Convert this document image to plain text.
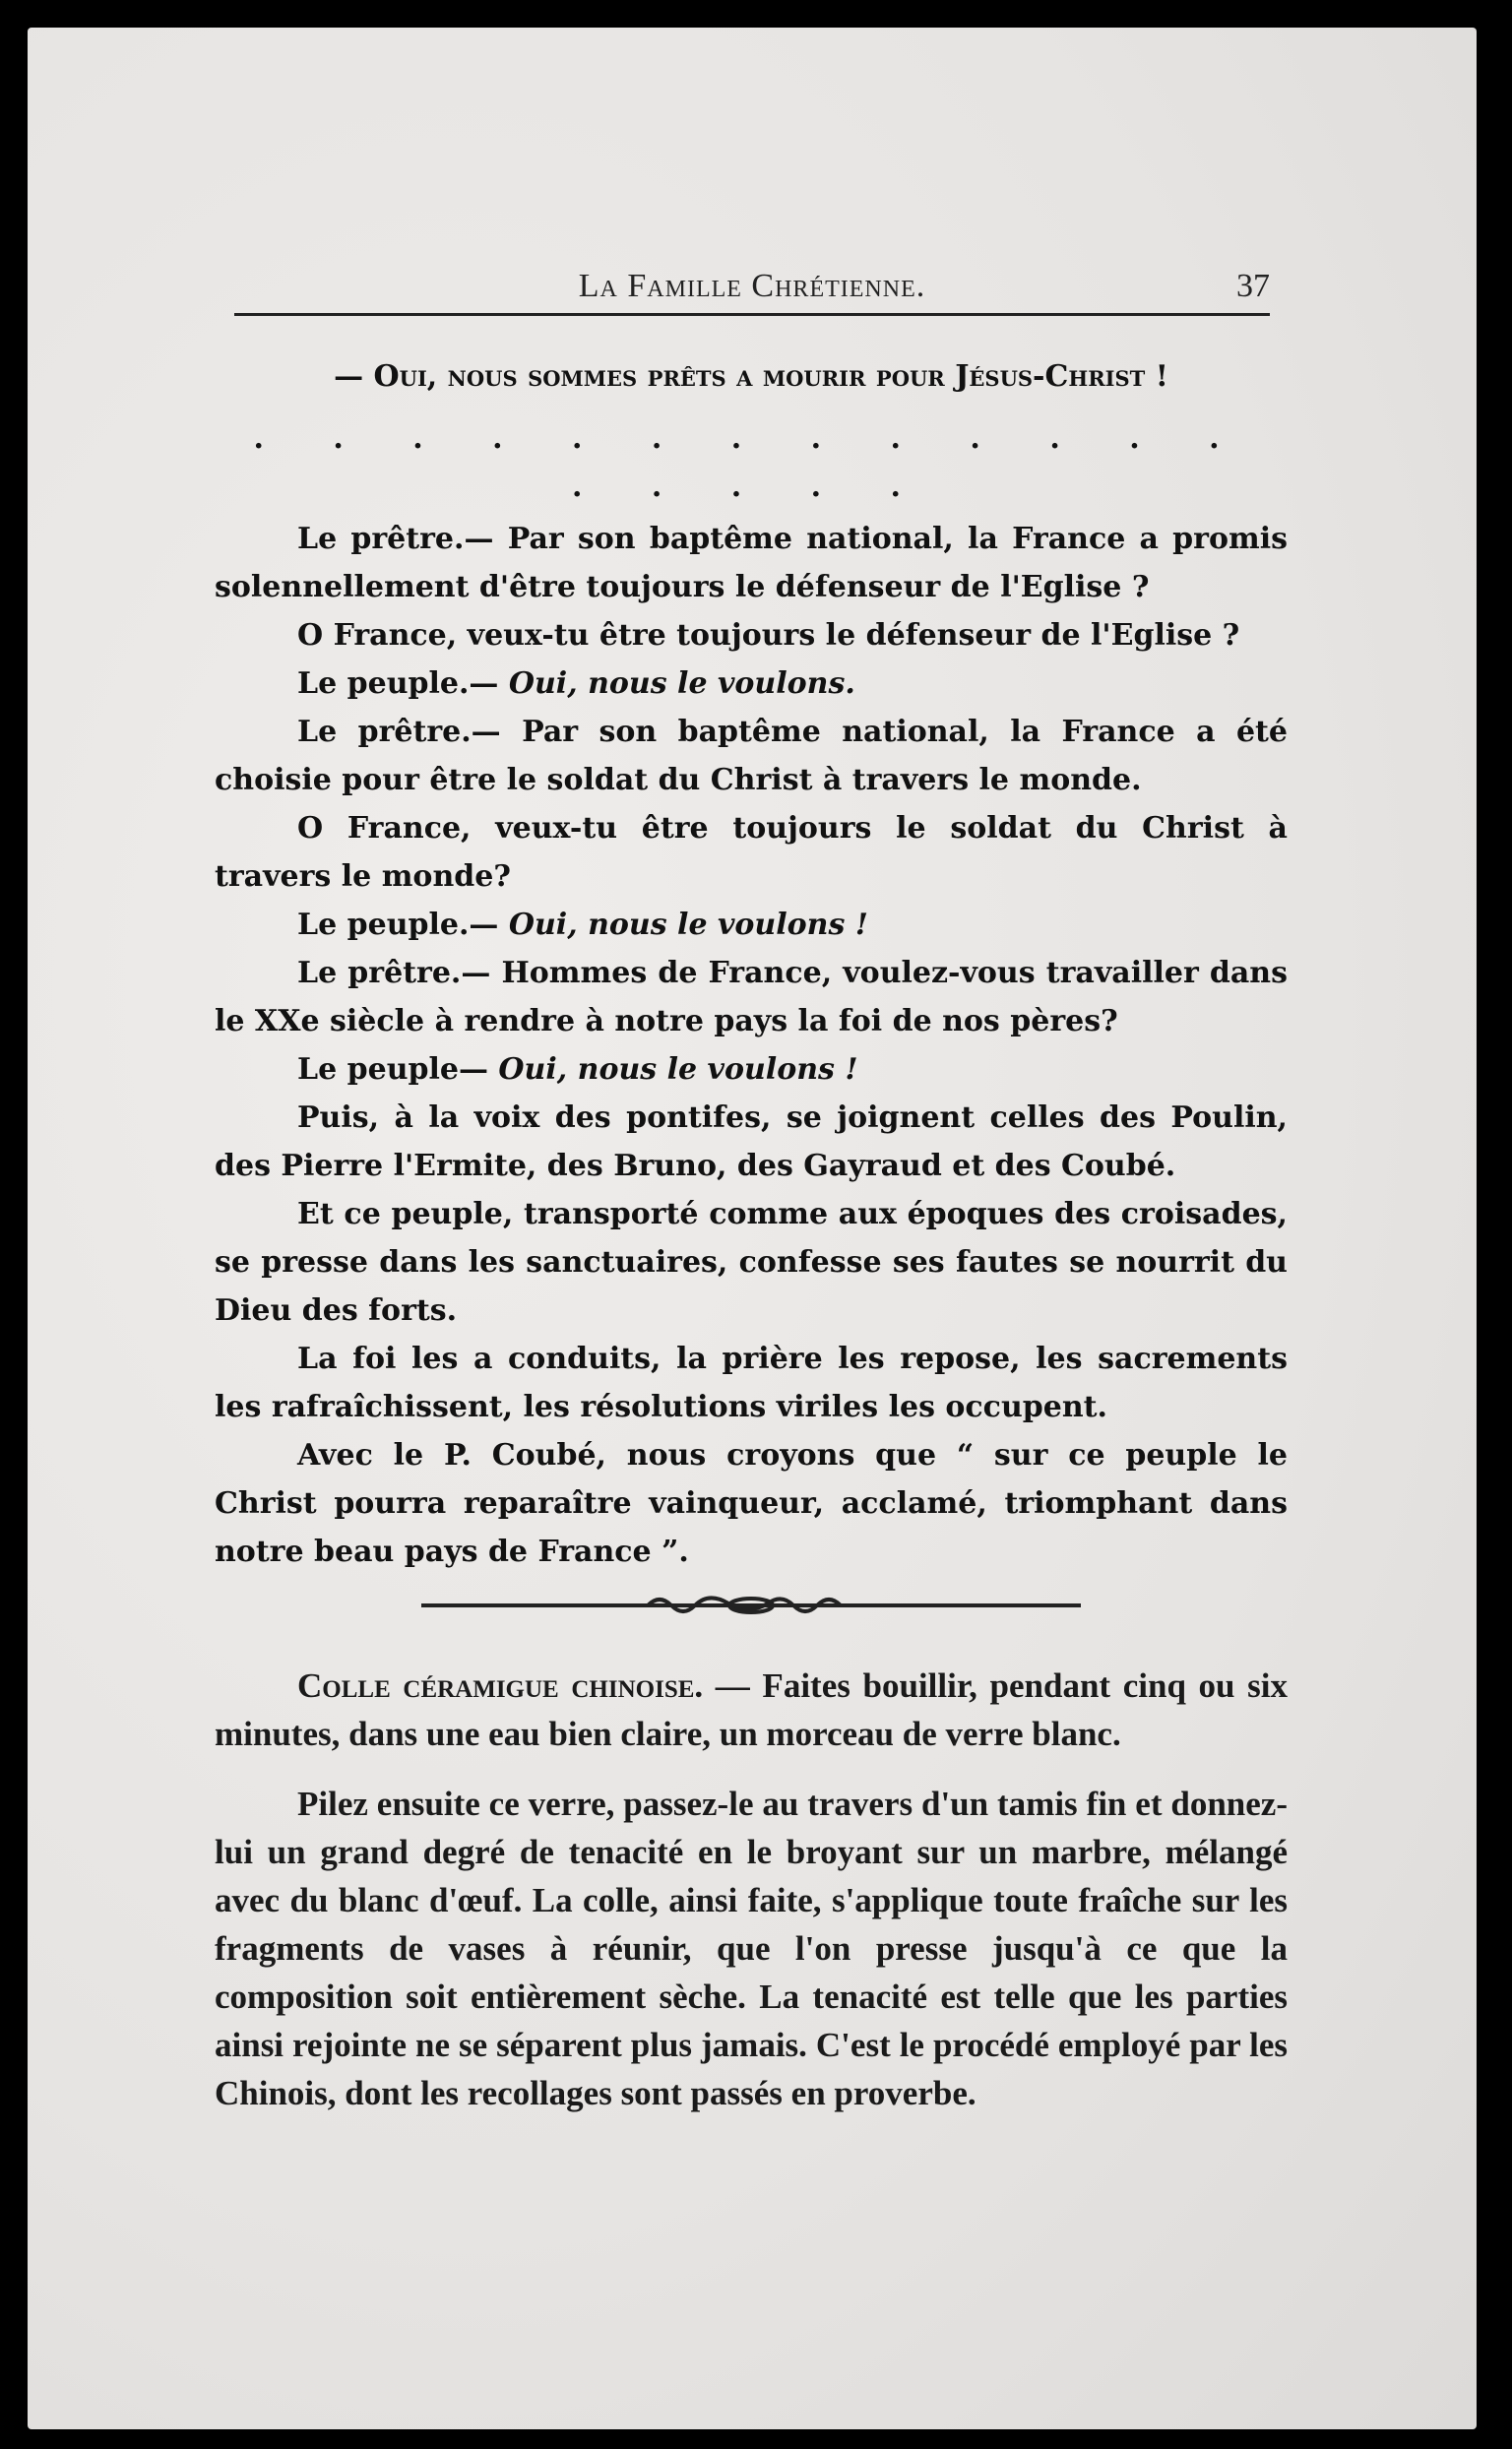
La Famille Chrétienne.	37

— Oui, nous sommes prêts a mourir pour Jésus-Christ !

. . . . . . . . . . . . . . . . . .

Le prêtre.— Par son baptême national, la France a promis solennellement d'être toujours le défenseur de l'Eglise ?

O France, veux-tu être toujours le défenseur de l'Eglise ?

Le peuple.— Oui, nous le voulons.

Le prêtre.— Par son baptême national, la France a été choisie pour être le soldat du Christ à travers le monde.

O France, veux-tu être toujours le soldat du Christ à travers le monde?

Le peuple.— Oui, nous le voulons !

Le prêtre.— Hommes de France, voulez-vous travailler dans le XXe siècle à rendre à notre pays la foi de nos pères?

Le peuple— Oui, nous le voulons !

Puis, à la voix des pontifes, se joignent celles des Poulin, des Pierre l'Ermite, des Bruno, des Gayraud et des Coubé.

Et ce peuple, transporté comme aux époques des croisades, se presse dans les sanctuaires, confesse ses fautes se nourrit du Dieu des forts.

La foi les a conduits, la prière les repose, les sacrements les rafraîchissent, les résolutions viriles les occupent.

Avec le P. Coubé, nous croyons que “ sur ce peuple le Christ pourra reparaître vainqueur, acclamé, triomphant dans notre beau pays de France ”.

Colle céramigue chinoise. — Faites bouillir, pendant cinq ou six minutes, dans une eau bien claire, un morceau de verre blanc.

Pilez ensuite ce verre, passez-le au travers d'un tamis fin et donnez-lui un grand degré de tenacité en le broyant sur un marbre, mélangé avec du blanc d'œuf. La colle, ainsi faite, s'applique toute fraîche sur les fragments de vases à réunir, que l'on presse jusqu'à ce que la composition soit entièrement sèche. La tenacité est telle que les parties ainsi rejointe ne se séparent plus jamais. C'est le procédé employé par les Chinois, dont les recollages sont passés en proverbe.
